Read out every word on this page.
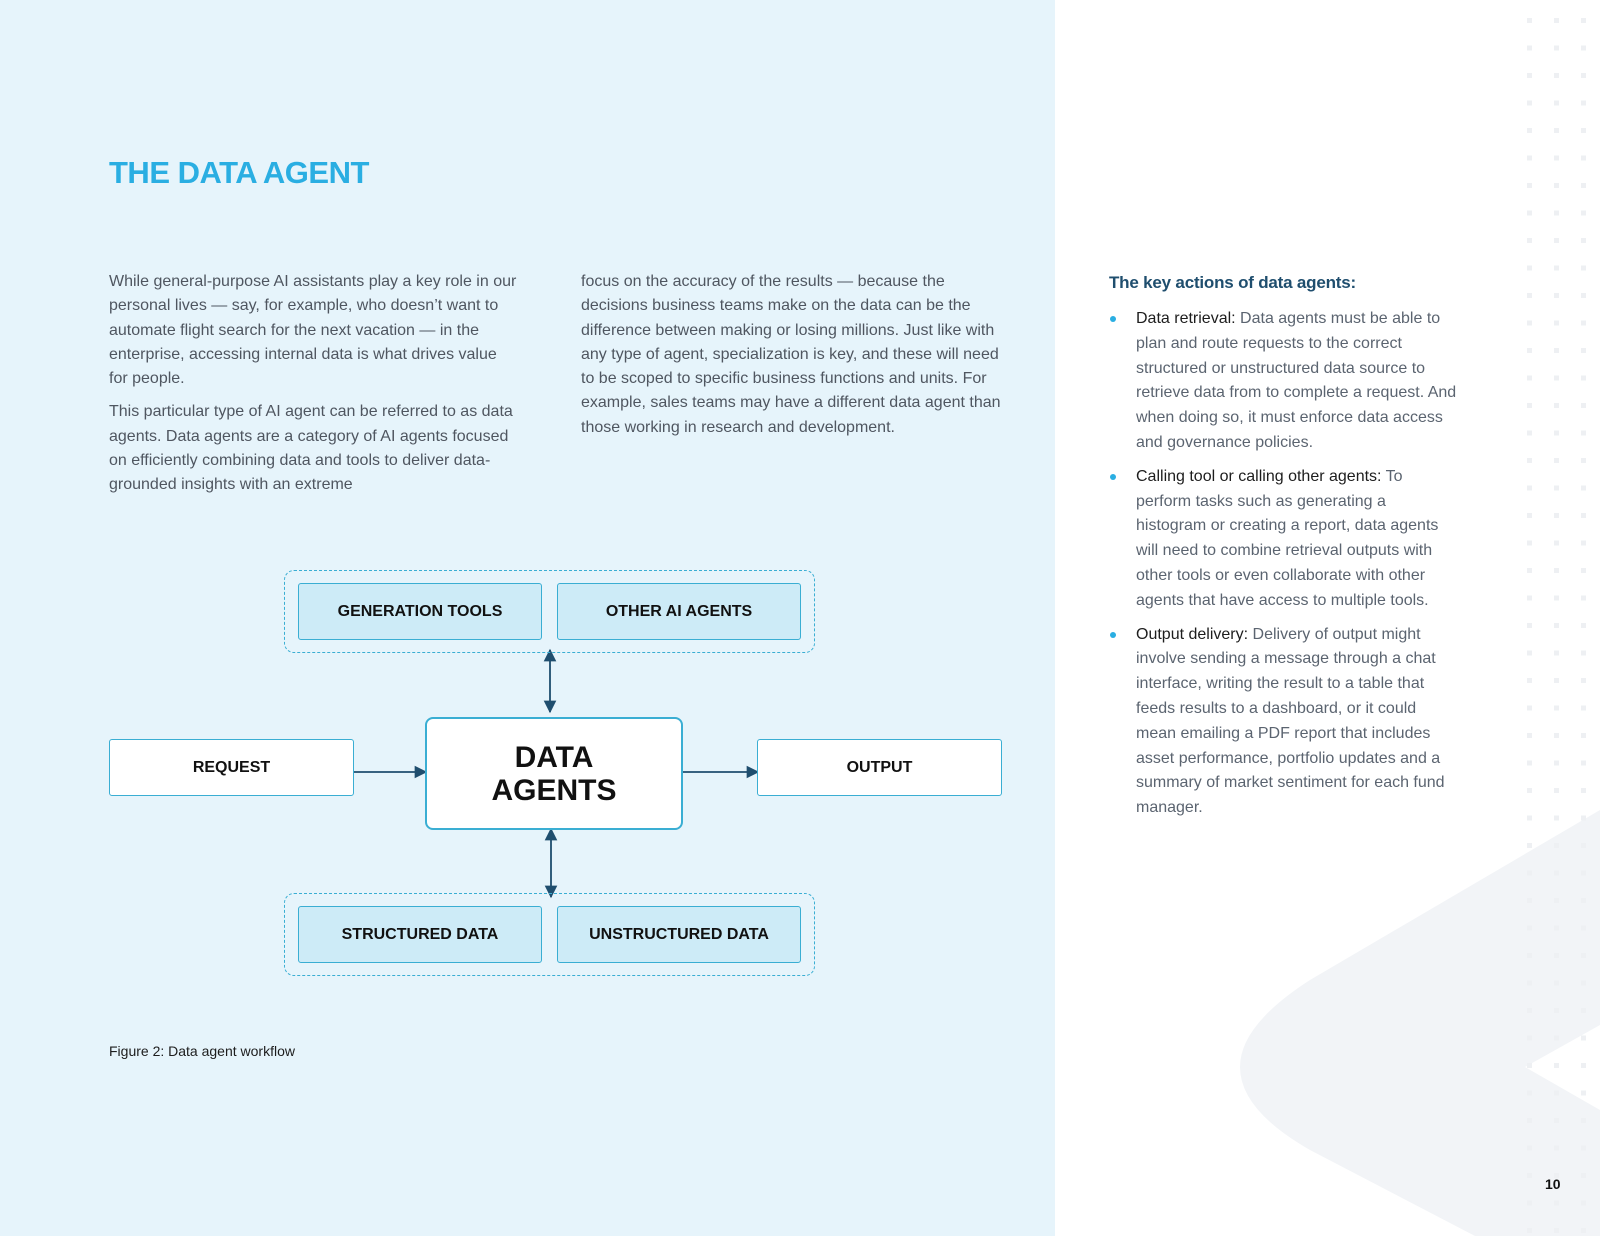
THE DATA AGENT

While general-purpose AI assistants play a key role in our personal lives — say, for example, who doesn’t want to automate flight search for the next vacation — in the enterprise, accessing internal data is what drives value for people.

This particular type of AI agent can be referred to as data agents. Data agents are a category of AI agents focused on efficiently combining data and tools to deliver data-grounded insights with an extreme

focus on the accuracy of the results — because the decisions business teams make on the data can be the difference between making or losing millions. Just like with any type of agent, specialization is key, and these will need to be scoped to specific business functions and units. For example, sales teams may have a different data agent than those working in research and development.

GENERATION TOOLS	OTHER AI AGENTS
REQUEST	DATA
AGENTS
OUTPUT
STRUCTURED DATA	UNSTRUCTURED DATA
Figure 2: Data agent workflow
The key actions of data agents:
Data retrieval: Data agents must be able to plan and route requests to the correct structured or unstructured data source to retrieve data from to complete a request. And when doing so, it must enforce data access and governance policies.
Calling tool or calling other agents: To perform tasks such as generating a histogram or creating a report, data agents will need to combine retrieval outputs with other tools or even collaborate with other agents that have access to multiple tools.
Output delivery: Delivery of output might involve sending a message through a chat interface, writing the result to a table that feeds results to a dashboard, or it could mean emailing a PDF report that includes asset performance, portfolio updates and a summary of market sentiment for each fund manager.
10
